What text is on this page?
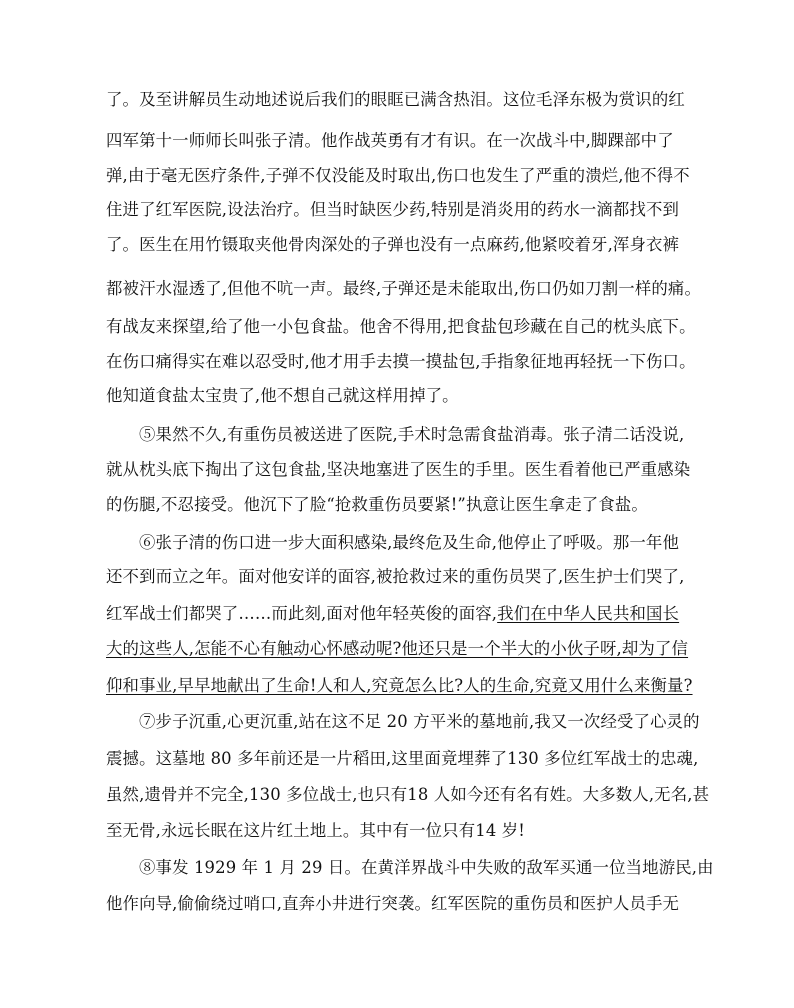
了。及至讲解员生动地述说后我们的眼眶已满含热泪。这位毛泽东极为赏识的红
四军第十一师师长叫张子清。他作战英勇有才有识。在一次战斗中,脚踝部中了
弹,由于毫无医疗条件,子弹不仅没能及时取出,伤口也发生了严重的溃烂,他不得不
住进了红军医院,设法治疗。但当时缺医少药,特别是消炎用的药水一滴都找不到
了。医生在用竹镊取夹他骨肉深处的子弹也没有一点麻药,他紧咬着牙,浑身衣裤
都被汗水湿透了,但他不吭一声。最终,子弹还是未能取出,伤口仍如刀割一样的痛。
有战友来探望,给了他一小包食盐。他舍不得用,把食盐包珍藏在自己的枕头底下。
在伤口痛得实在难以忍受时,他才用手去摸一摸盐包,手指象征地再轻抚一下伤口。
他知道食盐太宝贵了,他不想自己就这样用掉了。
⑤果然不久,有重伤员被送进了医院,手术时急需食盐消毒。张子清二话没说,
就从枕头底下掏出了这包食盐,坚决地塞进了医生的手里。医生看着他已严重感染
的伤腿,不忍接受。他沉下了脸“抢救重伤员要紧!”执意让医生拿走了食盐。
⑥张子清的伤口进一步大面积感染,最终危及生命,他停止了呼吸。那一年他
还不到而立之年。面对他安详的面容,被抢救过来的重伤员哭了,医生护士们哭了,
红军战士们都哭了……而此刻,面对他年轻英俊的面容,我们在中华人民共和国长
大的这些人,怎能不心有触动心怀感动呢?他还只是一个半大的小伙子呀,却为了信
仰和事业,早早地献出了生命!人和人,究竟怎么比?人的生命,究竟又用什么来衡量?
⑦步子沉重,心更沉重,站在这不足 20 方平米的墓地前,我又一次经受了心灵的
震撼。这墓地 80 多年前还是一片稻田,这里面竟埋葬了130 多位红军战士的忠魂,
虽然,遗骨并不完全,130 多位战士,也只有18 人如今还有名有姓。大多数人,无名,甚
至无骨,永远长眠在这片红土地上。其中有一位只有14 岁!
⑧事发 1929 年 1 月 29 日。在黄洋界战斗中失败的敌军买通一位当地游民,由
他作向导,偷偷绕过哨口,直奔小井进行突袭。红军医院的重伤员和医护人员手无
